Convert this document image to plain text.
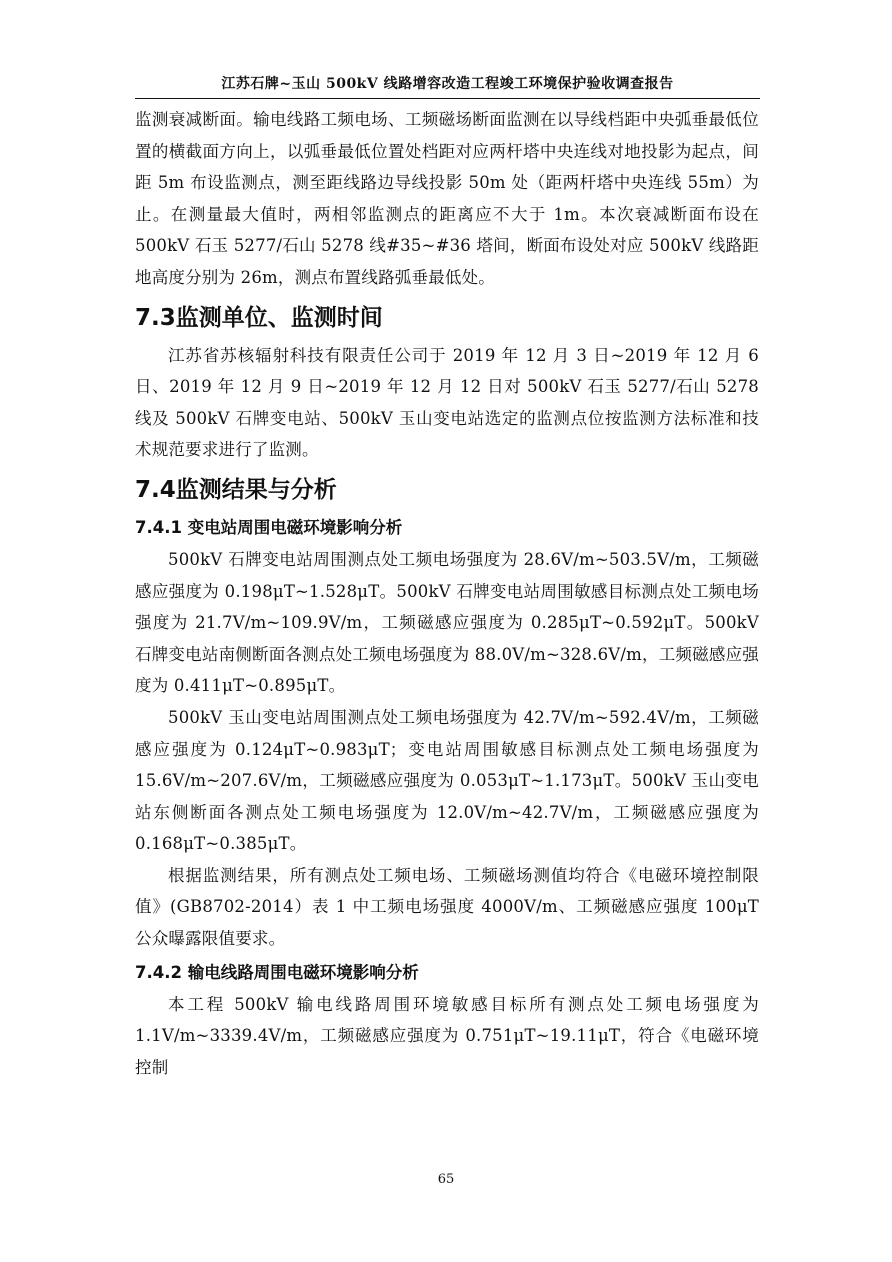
江苏石牌~玉山 500kV 线路增容改造工程竣工环境保护验收调查报告

监测衰减断面。输电线路工频电场、工频磁场断面监测在以导线档距中央弧垂最低位置的横截面方向上，以弧垂最低位置处档距对应两杆塔中央连线对地投影为起点，间距 5m 布设监测点，测至距线路边导线投影 50m 处（距两杆塔中央连线 55m）为止。在测量最大值时，两相邻监测点的距离应不大于 1m。本次衰减断面布设在 500kV 石玉 5277/石山 5278 线#35~#36 塔间，断面布设处对应 500kV 线路距地高度分别为 26m，测点布置线路弧垂最低处。

7.3监测单位、监测时间

江苏省苏核辐射科技有限责任公司于 2019 年 12 月 3 日~2019 年 12 月 6 日、2019 年 12 月 9 日~2019 年 12 月 12 日对 500kV 石玉 5277/石山 5278 线及 500kV 石牌变电站、500kV 玉山变电站选定的监测点位按监测方法标准和技术规范要求进行了监测。

7.4监测结果与分析
7.4.1 变电站周围电磁环境影响分析

500kV 石牌变电站周围测点处工频电场强度为 28.6V/m~503.5V/m，工频磁感应强度为 0.198μT~1.528μT。500kV 石牌变电站周围敏感目标测点处工频电场强度为 21.7V/m~109.9V/m，工频磁感应强度为 0.285μT~0.592μT。500kV 石牌变电站南侧断面各测点处工频电场强度为 88.0V/m~328.6V/m，工频磁感应强度为 0.411μT~0.895μT。

500kV 玉山变电站周围测点处工频电场强度为 42.7V/m~592.4V/m，工频磁感应强度为 0.124μT~0.983μT；变电站周围敏感目标测点处工频电场强度为 15.6V/m~207.6V/m，工频磁感应强度为 0.053μT~1.173μT。500kV 玉山变电站东侧断面各测点处工频电场强度为 12.0V/m~42.7V/m，工频磁感应强度为 0.168μT~0.385μT。

根据监测结果，所有测点处工频电场、工频磁场测值均符合《电磁环境控制限值》(GB8702-2014）表 1 中工频电场强度 4000V/m、工频磁感应强度 100μT 公众曝露限值要求。

7.4.2 输电线路周围电磁环境影响分析

本工程 500kV 输电线路周围环境敏感目标所有测点处工频电场强度为 1.1V/m~3339.4V/m，工频磁感应强度为 0.751μT~19.11μT，符合《电磁环境控制

65
